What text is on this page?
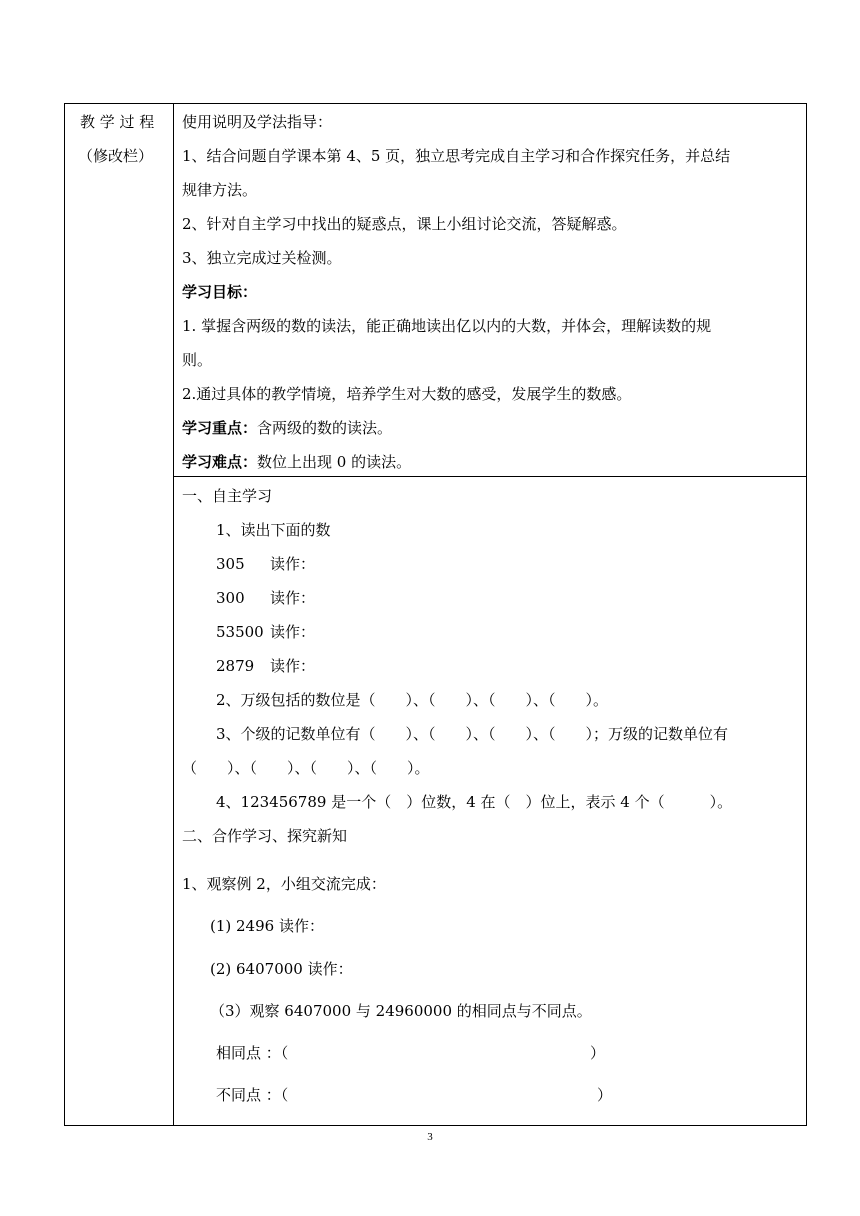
教 学 过 程
（修改栏）
使用说明及学法指导：
1、结合问题自学课本第 4、5 页，独立思考完成自主学习和合作探究任务，并总结
规律方法。
2、针对自主学习中找出的疑惑点，课上小组讨论交流，答疑解惑。
3、独立完成过关检测。
学习目标：
1. 掌握含两级的数的读法，能正确地读出亿以内的大数，并体会，理解读数的规
则。
2.通过具体的教学情境，培养学生对大数的感受，发展学生的数感。
学习重点：含两级的数的读法。
学习难点：数位上出现 0 的读法。
一、自主学习
1、读出下面的数
305 读作：
300 读作：
53500 读作：
2879 读作：
2、万级包括的数位是（　　）、（　　）、（　　）、（　　）。
3、个级的记数单位有（　　）、（　　）、（　　）、（　　）；万级的记数单位有
（　　）、（　　）、（　　）、（　　）。
4、123456789 是一个（　）位数，4 在（　）位上，表示 4 个（　　　）。
二、合作学习、探究新知
1、观察例 2，小组交流完成：
(1) 2496 读作：
(2) 6407000 读作：
（3）观察 6407000 与 24960000 的相同点与不同点。
相同点 ：（	）
不同点 ：（	）
3
